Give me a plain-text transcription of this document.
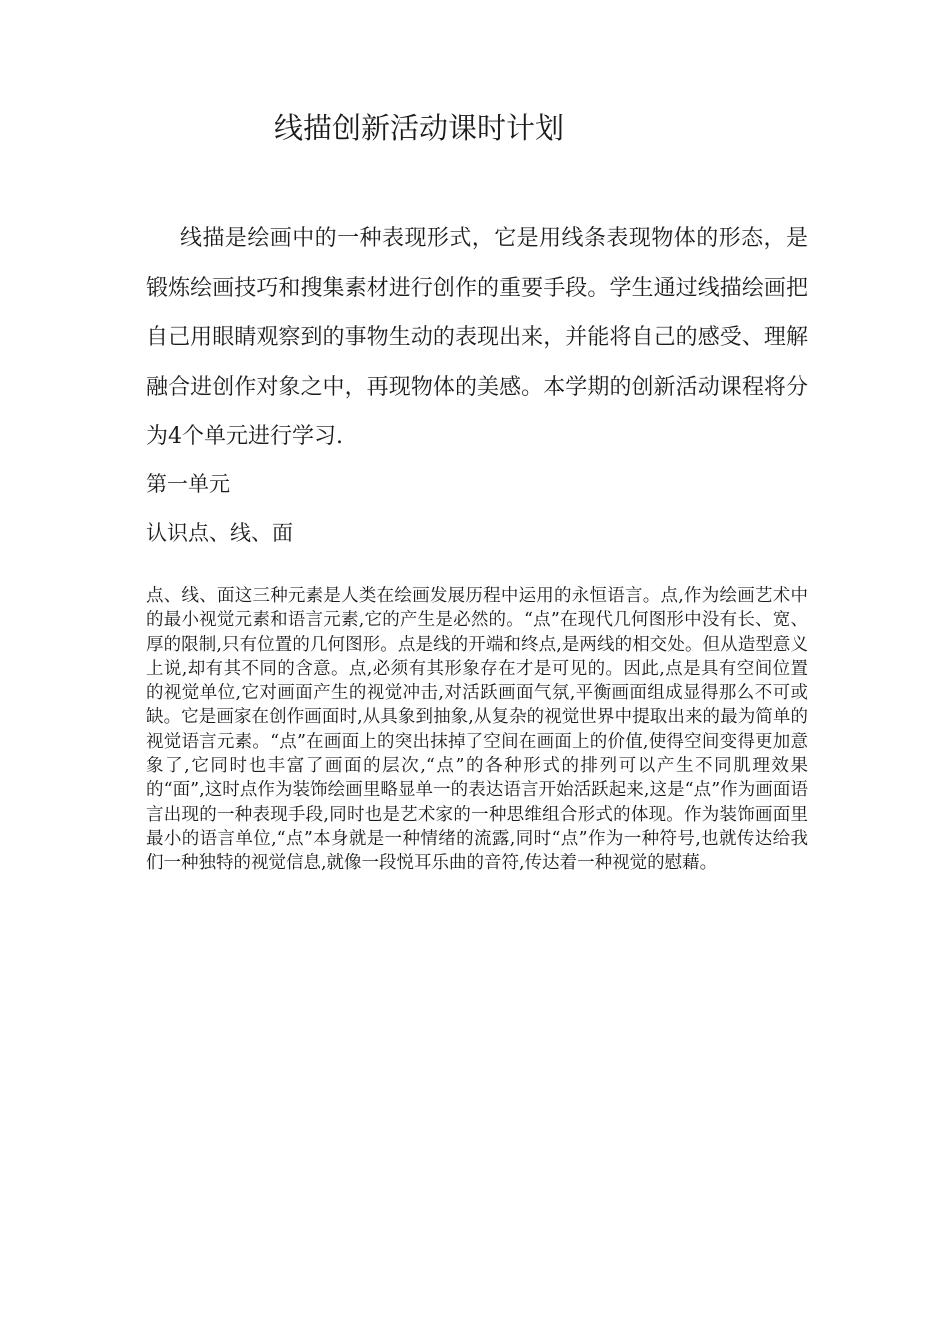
线描创新活动课时计划

线描是绘画中的一种表现形式，它是用线条表现物体的形态，是锻炼绘画技巧和搜集素材进行创作的重要手段。学生通过线描绘画把自己用眼睛观察到的事物生动的表现出来，并能将自己的感受、理解融合进创作对象之中，再现物体的美感。本学期的创新活动课程将分为4个单元进行学习.

第一单元

认识点、线、面

点、线、面这三种元素是人类在绘画发展历程中运用的永恒语言。点,作为绘画艺术中的最小视觉元素和语言元素,它的产生是必然的。“点”在现代几何图形中没有长、宽、厚的限制,只有位置的几何图形。点是线的开端和终点,是两线的相交处。但从造型意义上说,却有其不同的含意。点,必须有其形象存在才是可见的。因此,点是具有空间位置的视觉单位,它对画面产生的视觉冲击,对活跃画面气氛,平衡画面组成显得那么不可或缺。它是画家在创作画面时,从具象到抽象,从复杂的视觉世界中提取出来的最为简单的视觉语言元素。“点”在画面上的突出抹掉了空间在画面上的价值,使得空间变得更加意象了,它同时也丰富了画面的层次,“点”的各种形式的排列可以产生不同肌理效果的“面”,这时点作为装饰绘画里略显单一的表达语言开始活跃起来,这是“点”作为画面语言出现的一种表现手段,同时也是艺术家的一种思维组合形式的体现。作为装饰画面里最小的语言单位,“点”本身就是一种情绪的流露,同时“点”作为一种符号,也就传达给我们一种独特的视觉信息,就像一段悦耳乐曲的音符,传达着一种视觉的慰藉。
